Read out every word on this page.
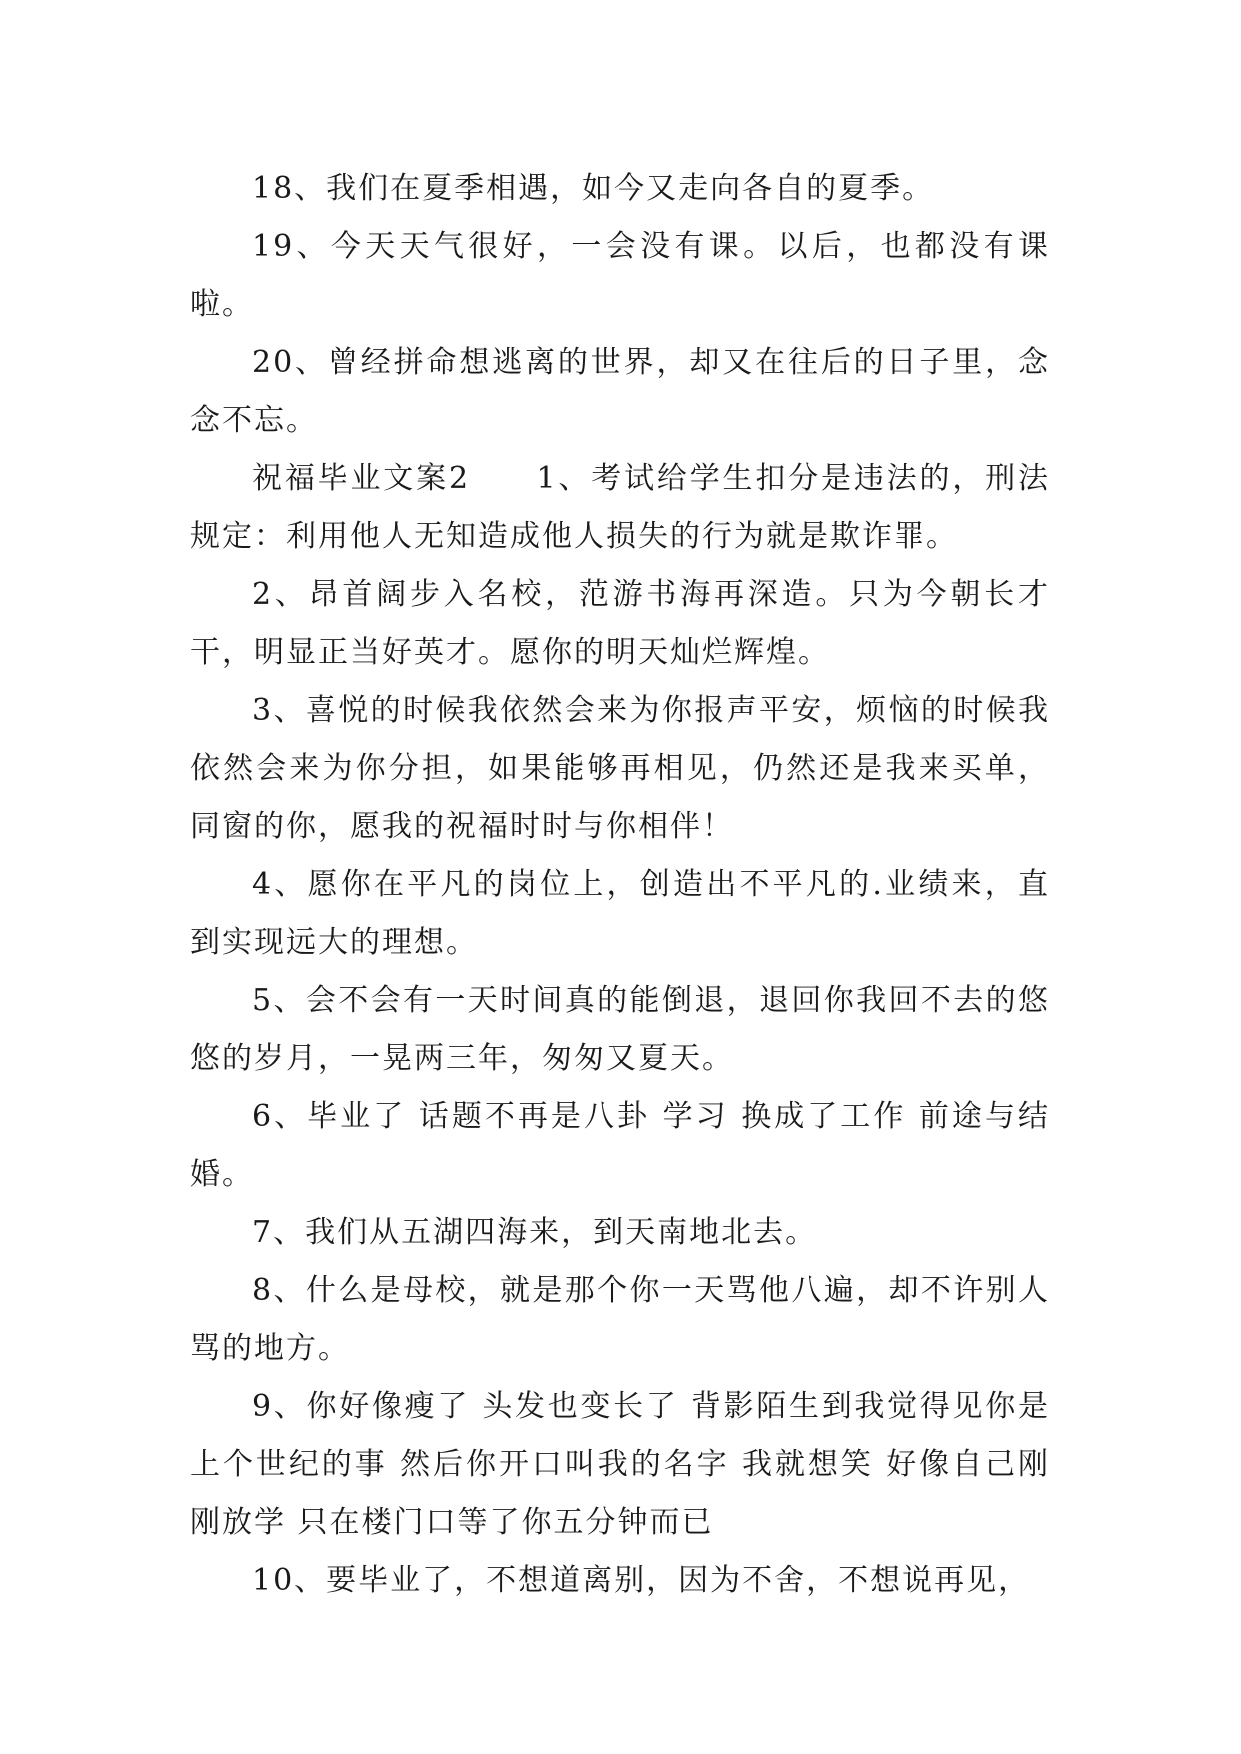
18、我们在夏季相遇，如今又走向各自的夏季。

19、今天天气很好，一会没有课。以后，也都没有课啦。

20、曾经拼命想逃离的世界，却又在往后的日子里，念念不忘。

祝福毕业文案2　　1、考试给学生扣分是违法的，刑法规定：利用他人无知造成他人损失的行为就是欺诈罪。

2、昂首阔步入名校，范游书海再深造。只为今朝长才干，明显正当好英才。愿你的明天灿烂辉煌。

3、喜悦的时候我依然会来为你报声平安，烦恼的时候我依然会来为你分担，如果能够再相见，仍然还是我来买单，同窗的你，愿我的祝福时时与你相伴！

4、愿你在平凡的岗位上，创造出不平凡的.业绩来，直到实现远大的理想。

5、会不会有一天时间真的能倒退，退回你我回不去的悠悠的岁月，一晃两三年，匆匆又夏天。

6、毕业了 话题不再是八卦 学习 换成了工作 前途与结婚。

7、我们从五湖四海来，到天南地北去。

8、什么是母校，就是那个你一天骂他八遍，却不许别人骂的地方。

9、你好像瘦了 头发也变长了 背影陌生到我觉得见你是上个世纪的事 然后你开口叫我的名字 我就想笑 好像自己刚刚放学 只在楼门口等了你五分钟而已

10、要毕业了，不想道离别，因为不舍，不想说再见，
